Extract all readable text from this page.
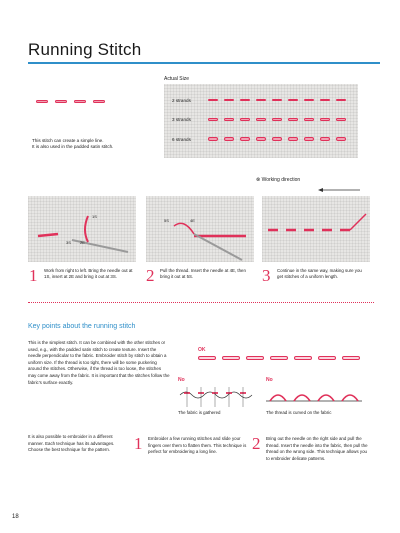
Running Stitch
This stitch can create a simple line.
It is also used in the padded satin stitch.
Actual Size
2 strands
3 strands
6 strands
⊗ Working direction
1S
3S 2E
5S	4E
1 Work from right to left. Bring the needle out at 1S, insert at 2E and bring it out at 3S.	2 Pull the thread. Insert the needle at 4E, then bring it out at 5S.	3 Continue in the same way, making sure you get stitches of a uniform length.
Key points about the running stitch
This is the simplest stitch. It can be combined with the other stitches or used, e.g., with the padded satin stitch to create texture. Insert the needle perpendicular to the fabric. Embroider stitch by stitch to obtain a uniform size. If the thread is too tight, there will be some puckering around the stitches. Otherwise, if the thread is too loose, the stitches may come away from the fabric. It is important that the stitches follow the fabric's surface exactly.
OK
No
The fabric is gathered
No
The thread is curved on the fabric
It is also possible to embroider in a different manner. Each technique has its advantages. Choose the best technique for the pattern.	1 Embroider a few running stitches and slide your fingers over them to flatten them. This technique is perfect for embroidering a long line.	2 Bring out the needle on the right side and pull the thread. Insert the needle into the fabric, then pull the thread on the wrong side. This technique allows you to embroider delicate patterns.
18
